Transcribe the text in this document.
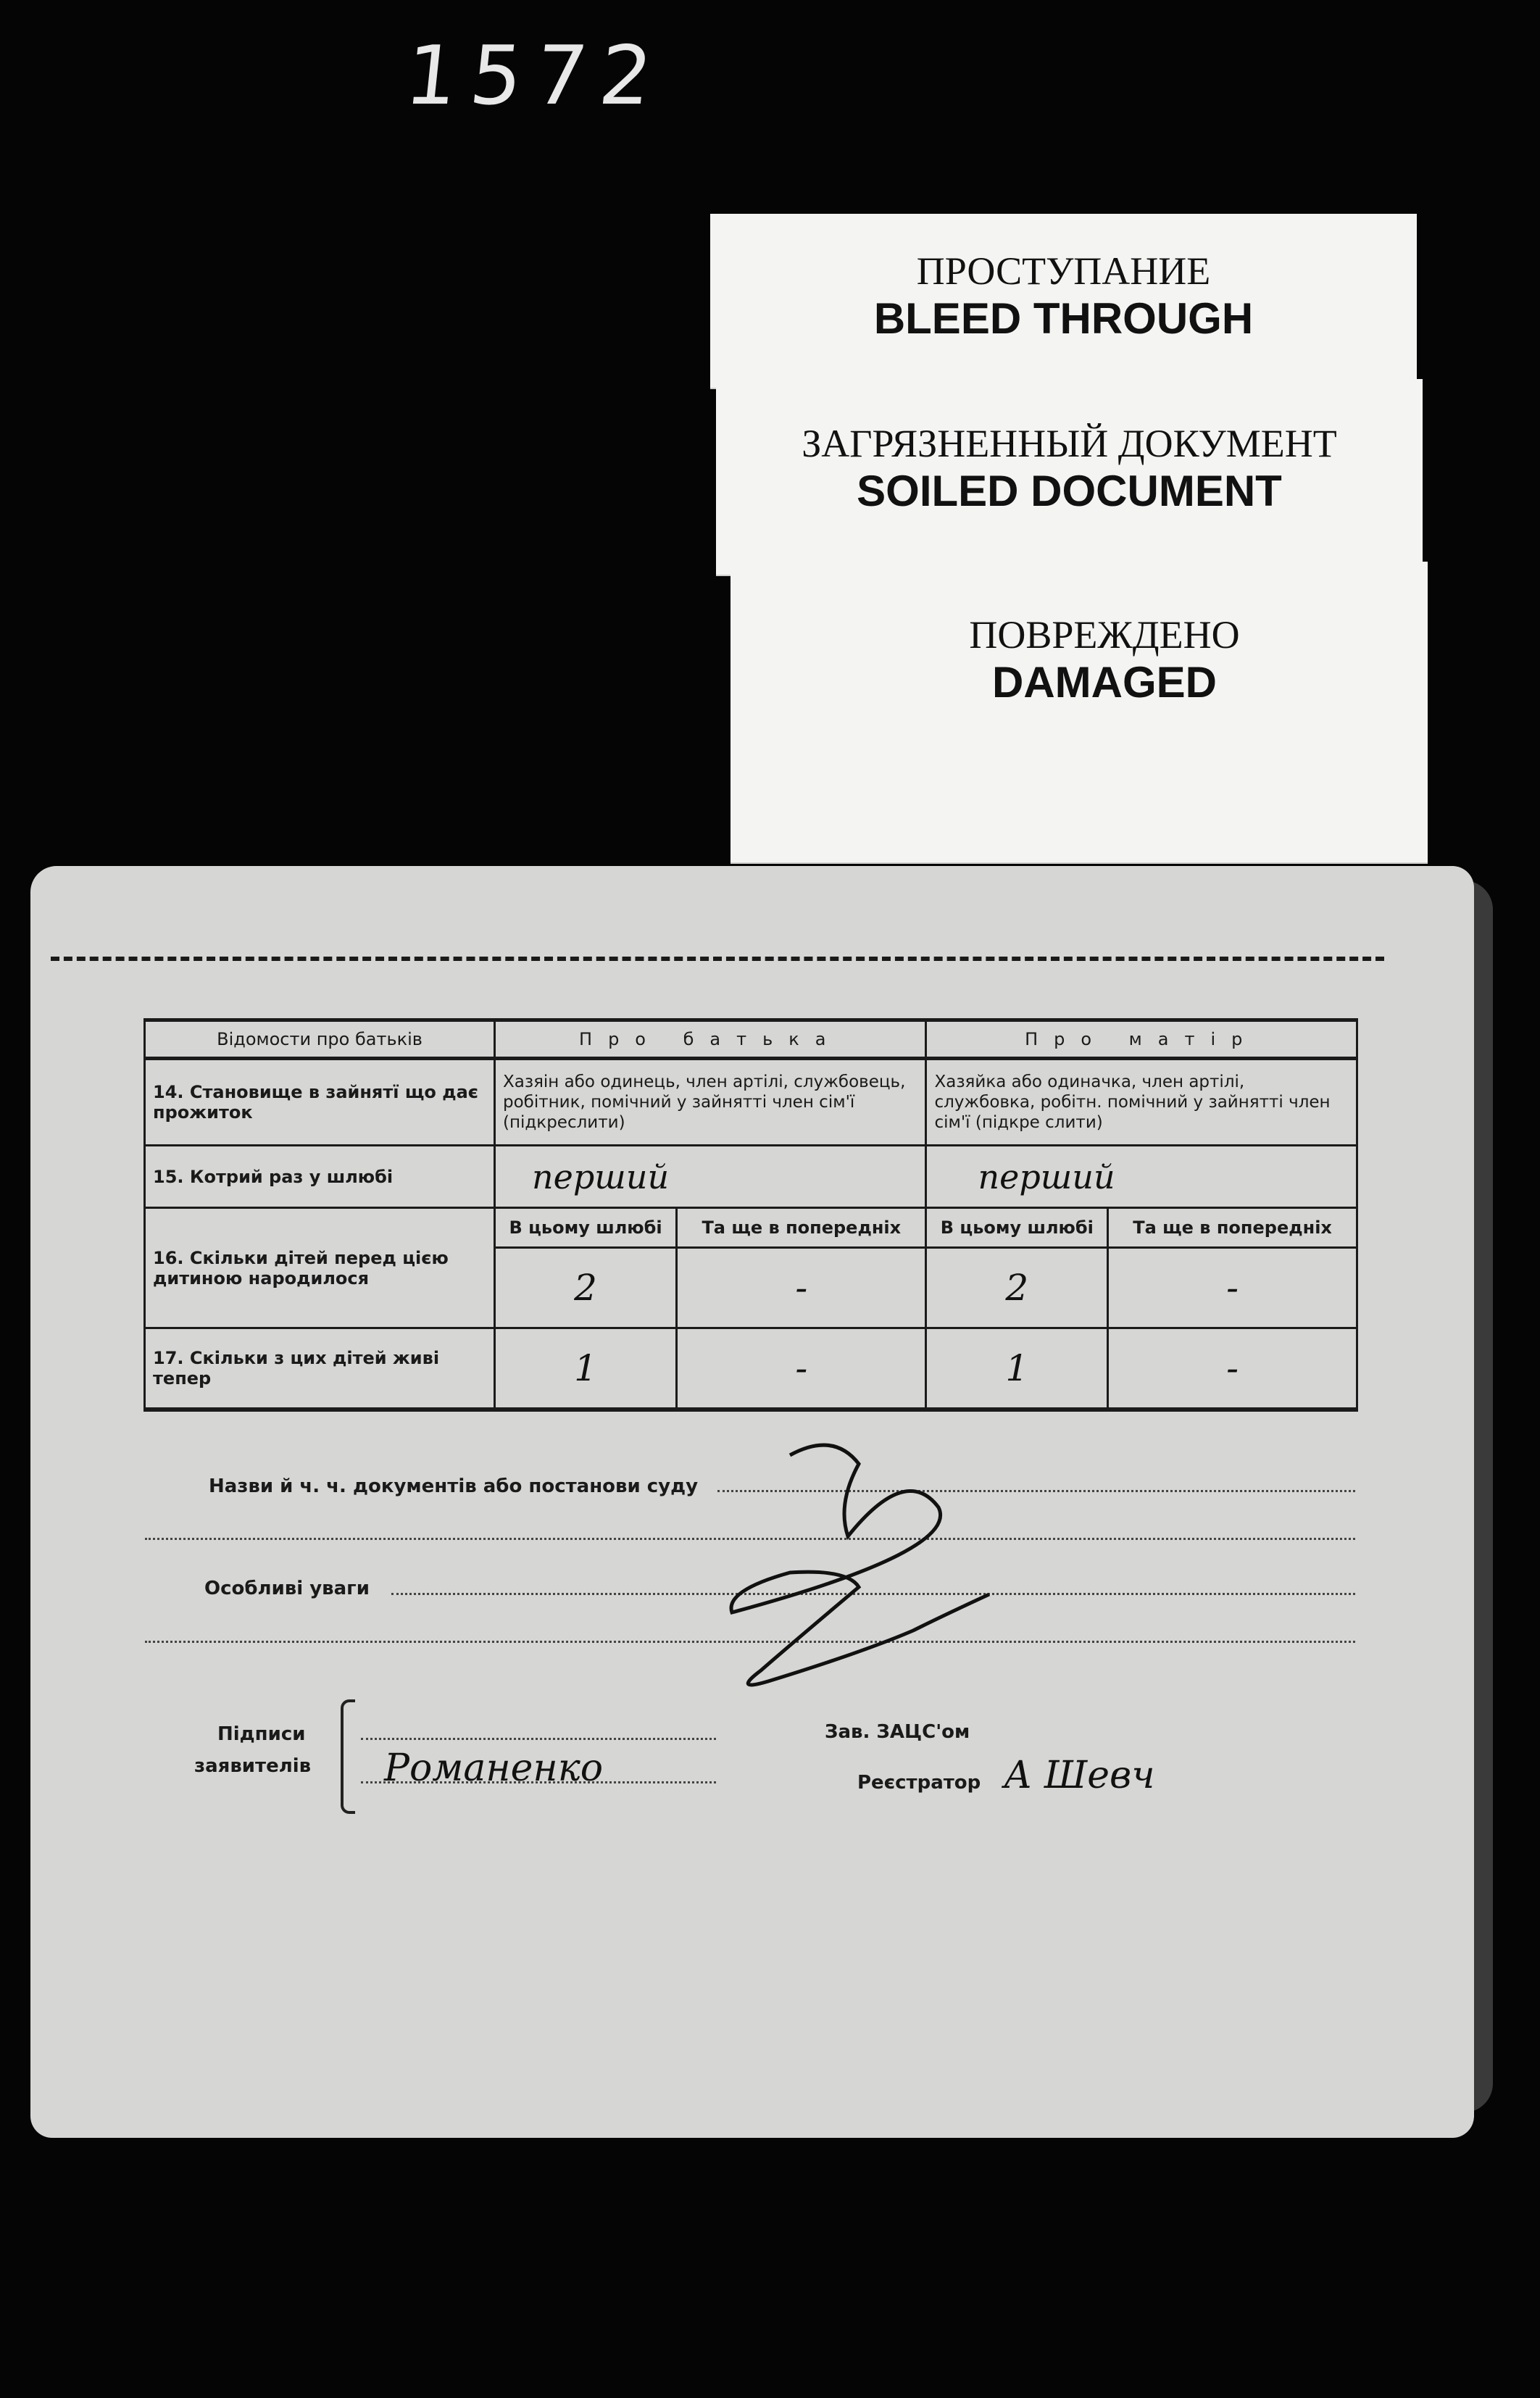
1572
ПРОСТУПАНИЕ
BLEED THROUGH
ЗАГРЯЗНЕННЫЙ ДОКУМЕНТ
SOILED DOCUMENT
ПОВРЕЖДЕНО
DAMAGED
Відомости про батьків	Про батька		Про матір	
14. Становище в зайнятї що дає прожиток	Хазяін або одинець, член артілі, службовець, робітник, помічний у зайнятті член сім'ї (підкреслити)		Хазяйка або одиначка, член артілі, службовка, робітн. помічний у зайнятті член сім'ї (підкре слити)	
15. Котрий раз у шлюбі	перший		перший	
16. Скільки дітей перед цією дитиною народилося	В цьому шлюбі	Та ще в попередніх	В цьому шлюбі	Та ще в попередніх
	2	-	2	-
17. Скільки з цих дітей живі тепер	1	-	1	-
Назви й ч. ч. документів або постанови суду
Особливі уваги
Підписи
заявителів Романенко
Зав. ЗАЦС'ом
Реєстратор А Шевч
